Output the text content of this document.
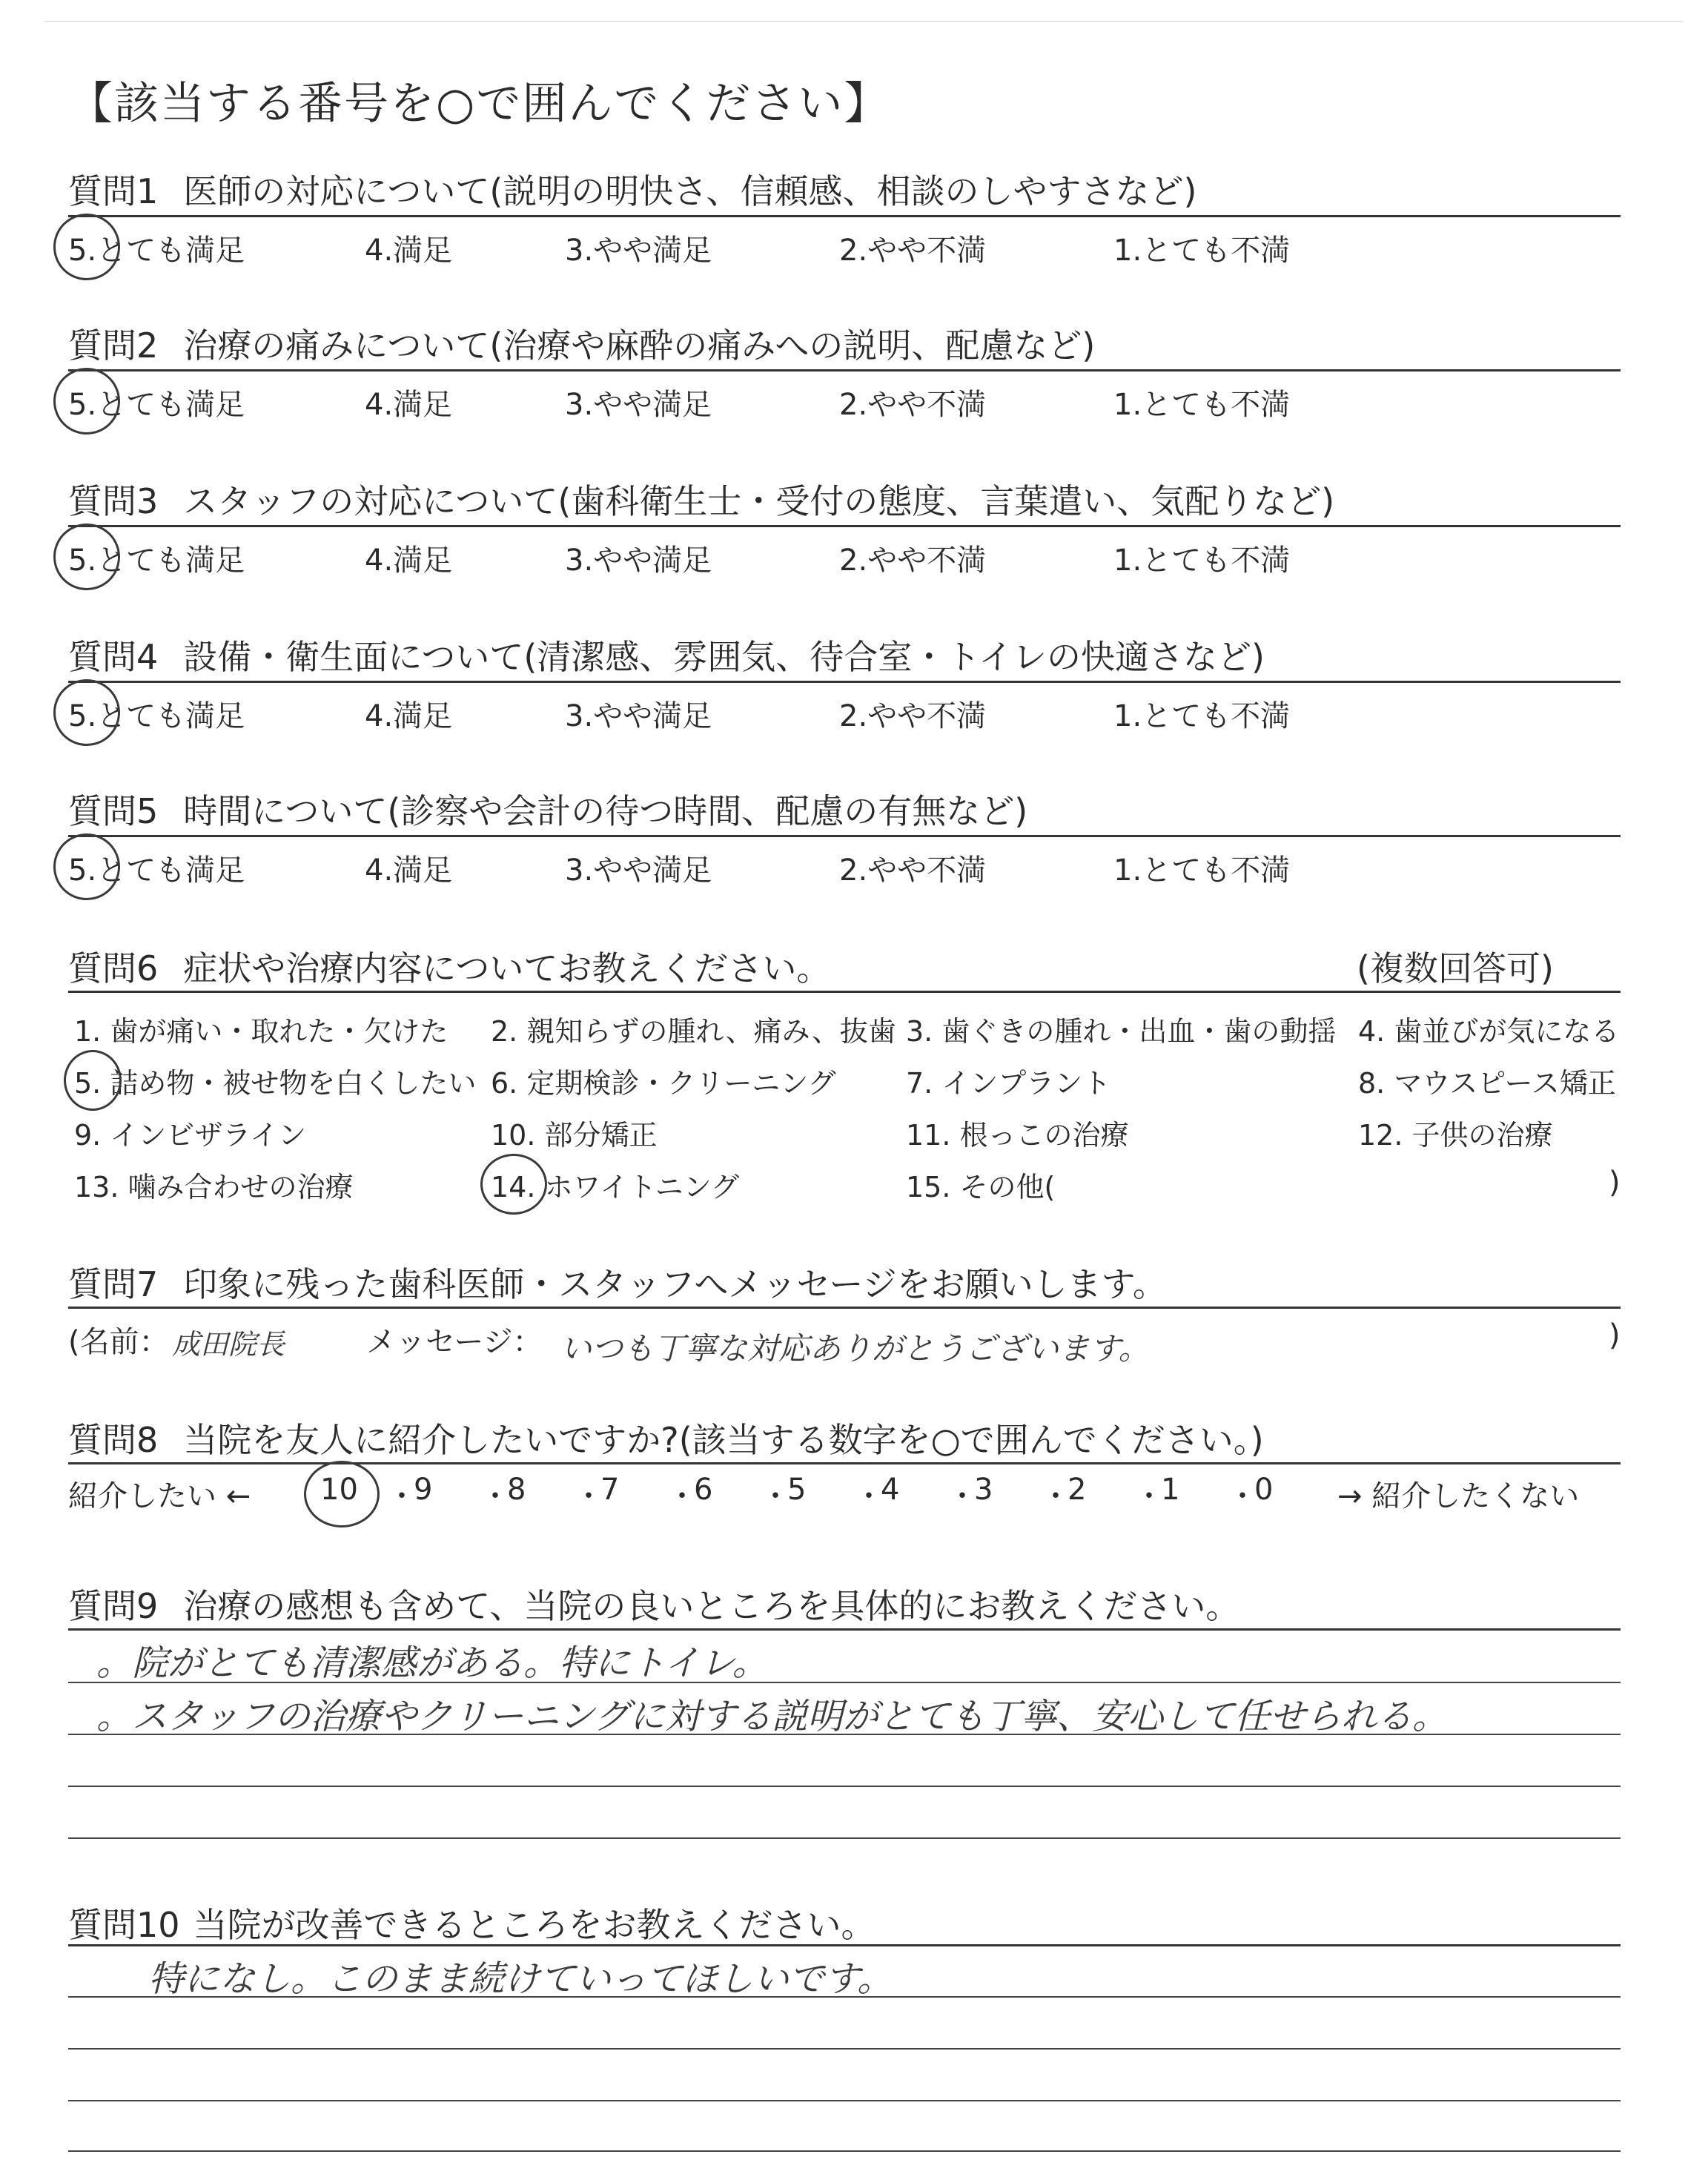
【該当する番号を○で囲んでください】
質問1 医師の対応について(説明の明快さ、信頼感、相談のしやすさなど)
5.とても満足	4.満足	3.やや満足	2.やや不満	1.とても不満
質問2 治療の痛みについて(治療や麻酔の痛みへの説明、配慮など)
5.とても満足	4.満足	3.やや満足	2.やや不満	1.とても不満
質問3 スタッフの対応について(歯科衛生士・受付の態度、言葉遣い、気配りなど)
5.とても満足	4.満足	3.やや満足	2.やや不満	1.とても不満
質問4 設備・衛生面について(清潔感、雰囲気、待合室・トイレの快適さなど)
5.とても満足	4.満足	3.やや満足	2.やや不満	1.とても不満
質問5 時間について(診察や会計の待つ時間、配慮の有無など)
5.とても満足	4.満足	3.やや満足	2.やや不満	1.とても不満
質問6 症状や治療内容についてお教えください。	(複数回答可)
1. 歯が痛い・取れた・欠けた 2. 親知らずの腫れ、痛み、抜歯 3. 歯ぐきの腫れ・出血・歯の動揺 4. 歯並びが気になる
5. 詰め物・被せ物を白くしたい 6. 定期検診・クリーニング 7. インプラント	8. マウスピース矯正
9. インビザライン	10. 部分矯正	11. 根っこの治療	12. 子供の治療
13. 噛み合わせの治療	14. ホワイトニング	15. その他(	)
質問7 印象に残った歯科医師・スタッフへメッセージをお願いします。
(名前： 成田院長	メッセージ： いつも丁寧な対応ありがとうございます。	)
質問8 当院を友人に紹介したいですか?(該当する数字を○で囲んでください。)
紹介したい ← 10 ・
9 ・
8 ・
7 ・
6 ・
5 ・
4 ・
3 ・
2 ・
1 ・
0 → 紹介したくない
質問9 治療の感想も含めて、当院の良いところを具体的にお教えください。
。院がとても清潔感がある。特にトイレ。
。スタッフの治療やクリーニングに対する説明がとても丁寧、安心して任せられる。
質問10 当院が改善できるところをお教えください。
特になし。このまま続けていってほしいです。
